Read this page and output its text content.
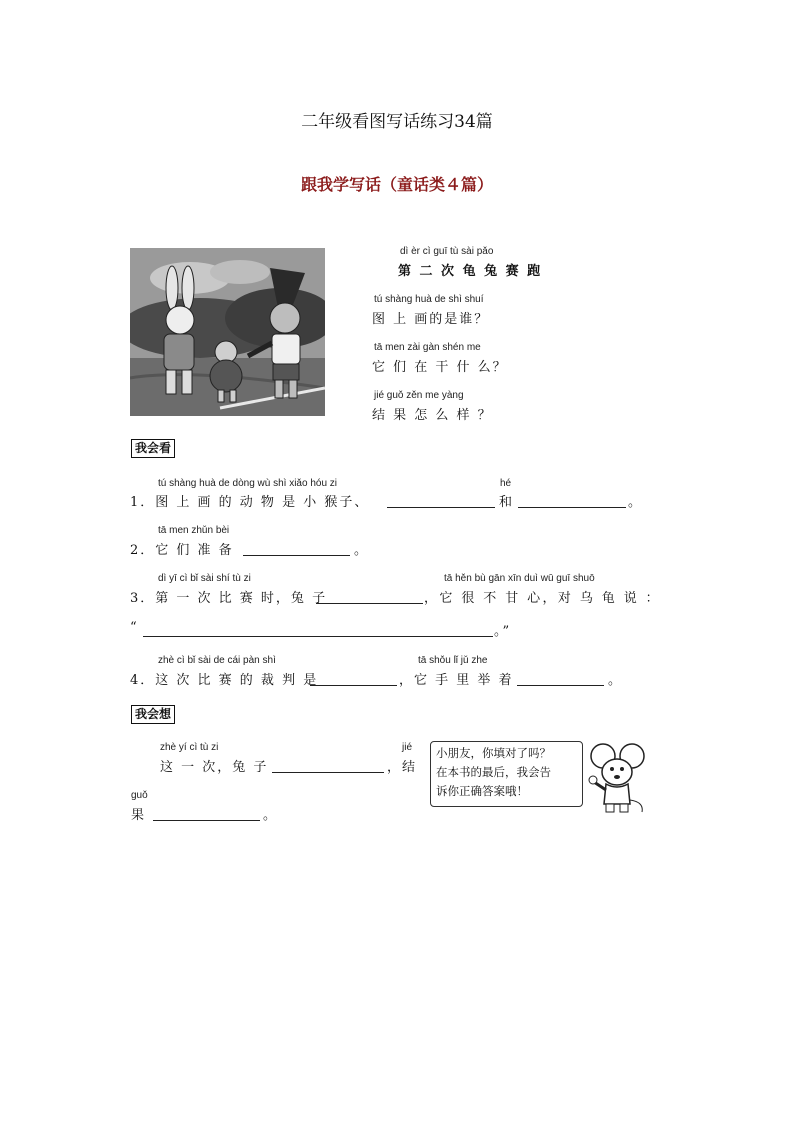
二年级看图写话练习34篇
跟我学写话（童话类４篇）
dì èr cì guī tù sài pǎo
第 二 次 龟 兔 赛 跑
tú shàng huà de shì shuí
图 上 画的是谁？
tā men zài gàn shén me
它 们 在 干 什 么？
jié guǒ zěn me yàng
结 果 怎 么 样 ？
我会看
tú shàng huà de dòng wù shì xiǎo hóu zi	hé
1．图 上 画 的 动 物 是 小 猴子、	和	。
tā men zhǔn bèi
2．它 们 准 备	。
dì yī cì bǐ sài shí tù zi	tā hěn bù gān xīn duì wū guī shuō
3．第 一 次 比 赛 时，兔 子	，它 很 不 甘 心，对 乌 龟 说 ：
“	。”
zhè cì bǐ sài de cái pàn shì	tā shǒu lǐ jǔ zhe
4．这 次 比 赛 的 裁 判 是	，它 手 里 举 着	。
我会想
zhè yí cì tù zi	jié
这 一 次，兔 子	，结
guǒ
果	。
小朋友，你填对了吗？
在本书的最后，我会告
诉你正确答案哦！
